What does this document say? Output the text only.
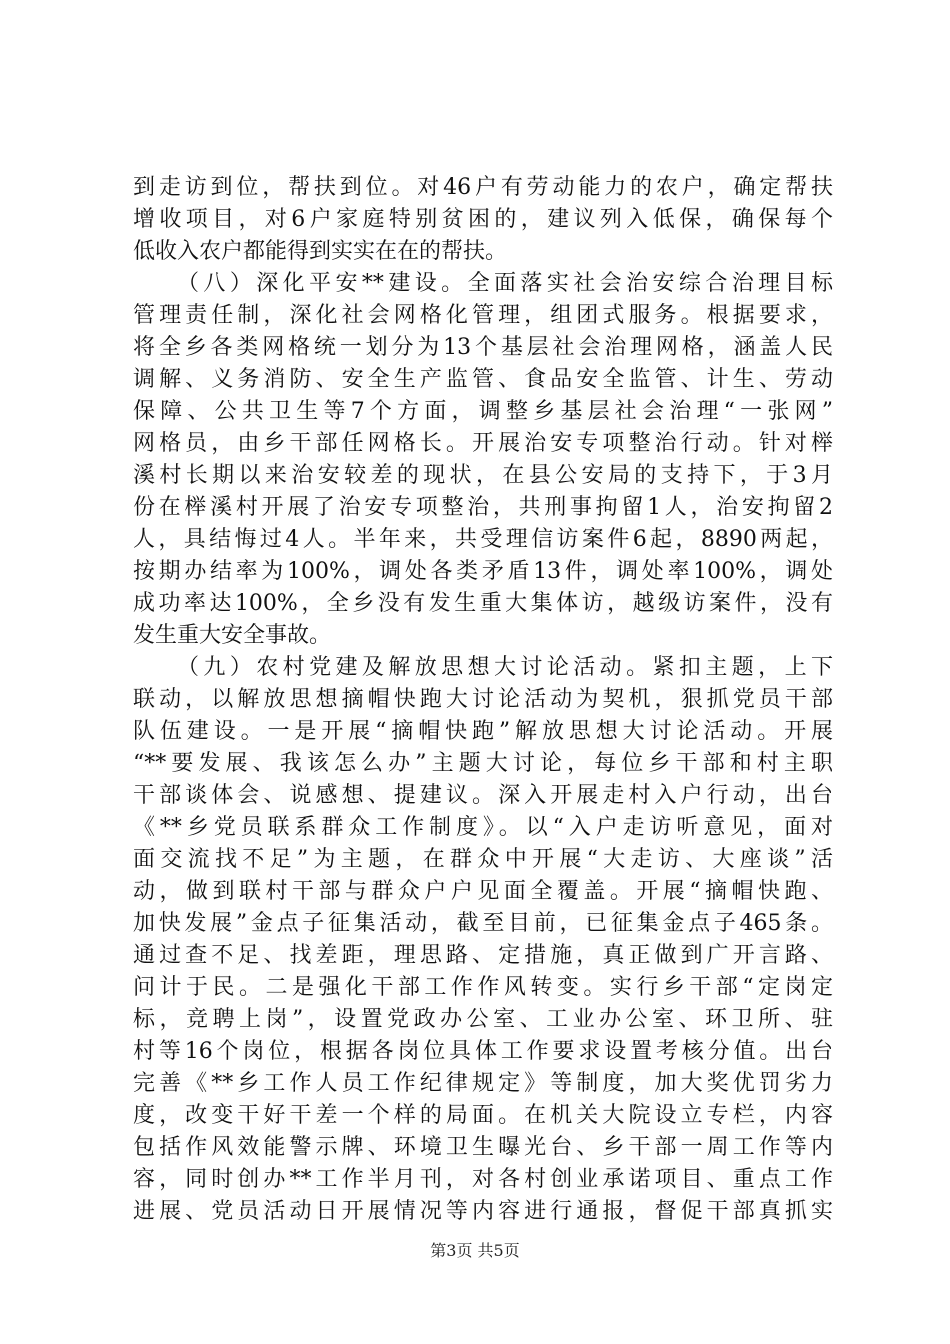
到走访到位，帮扶到位。对46户有劳动能力的农户，确定帮扶
增收项目，对6户家庭特别贫困的，建议列入低保，确保每个
低收入农户都能得到实实在在的帮扶。
（八）深化平安**建设。全面落实社会治安综合治理目标
管理责任制，深化社会网格化管理，组团式服务。根据要求，
将全乡各类网格统一划分为13个基层社会治理网格，涵盖人民
调解、义务消防、安全生产监管、食品安全监管、计生、劳动
保障、公共卫生等7个方面，调整乡基层社会治理“一张网”
网格员，由乡干部任网格长。开展治安专项整治行动。针对榉
溪村长期以来治安较差的现状，在县公安局的支持下，于3月
份在榉溪村开展了治安专项整治，共刑事拘留1人，治安拘留2
人，具结悔过4人。半年来，共受理信访案件6起，8890两起，
按期办结率为100%，调处各类矛盾13件，调处率100%，调处
成功率达100%，全乡没有发生重大集体访，越级访案件，没有
发生重大安全事故。
（九）农村党建及解放思想大讨论活动。紧扣主题，上下
联动，以解放思想摘帽快跑大讨论活动为契机，狠抓党员干部
队伍建设。一是开展“摘帽快跑”解放思想大讨论活动。开展
“**要发展、我该怎么办”主题大讨论，每位乡干部和村主职
干部谈体会、说感想、提建议。深入开展走村入户行动，出台
《**乡党员联系群众工作制度》。以“入户走访听意见，面对
面交流找不足”为主题，在群众中开展“大走访、大座谈”活
动，做到联村干部与群众户户见面全覆盖。开展“摘帽快跑、
加快发展”金点子征集活动，截至目前，已征集金点子465条。
通过查不足、找差距，理思路、定措施，真正做到广开言路、
问计于民。二是强化干部工作作风转变。实行乡干部“定岗定
标，竞聘上岗”，设置党政办公室、工业办公室、环卫所、驻
村等16个岗位，根据各岗位具体工作要求设置考核分值。出台
完善《**乡工作人员工作纪律规定》等制度，加大奖优罚劣力
度，改变干好干差一个样的局面。在机关大院设立专栏，内容
包括作风效能警示牌、环境卫生曝光台、乡干部一周工作等内
容，同时创办**工作半月刊，对各村创业承诺项目、重点工作
进展、党员活动日开展情况等内容进行通报，督促干部真抓实
第3页 共5页
